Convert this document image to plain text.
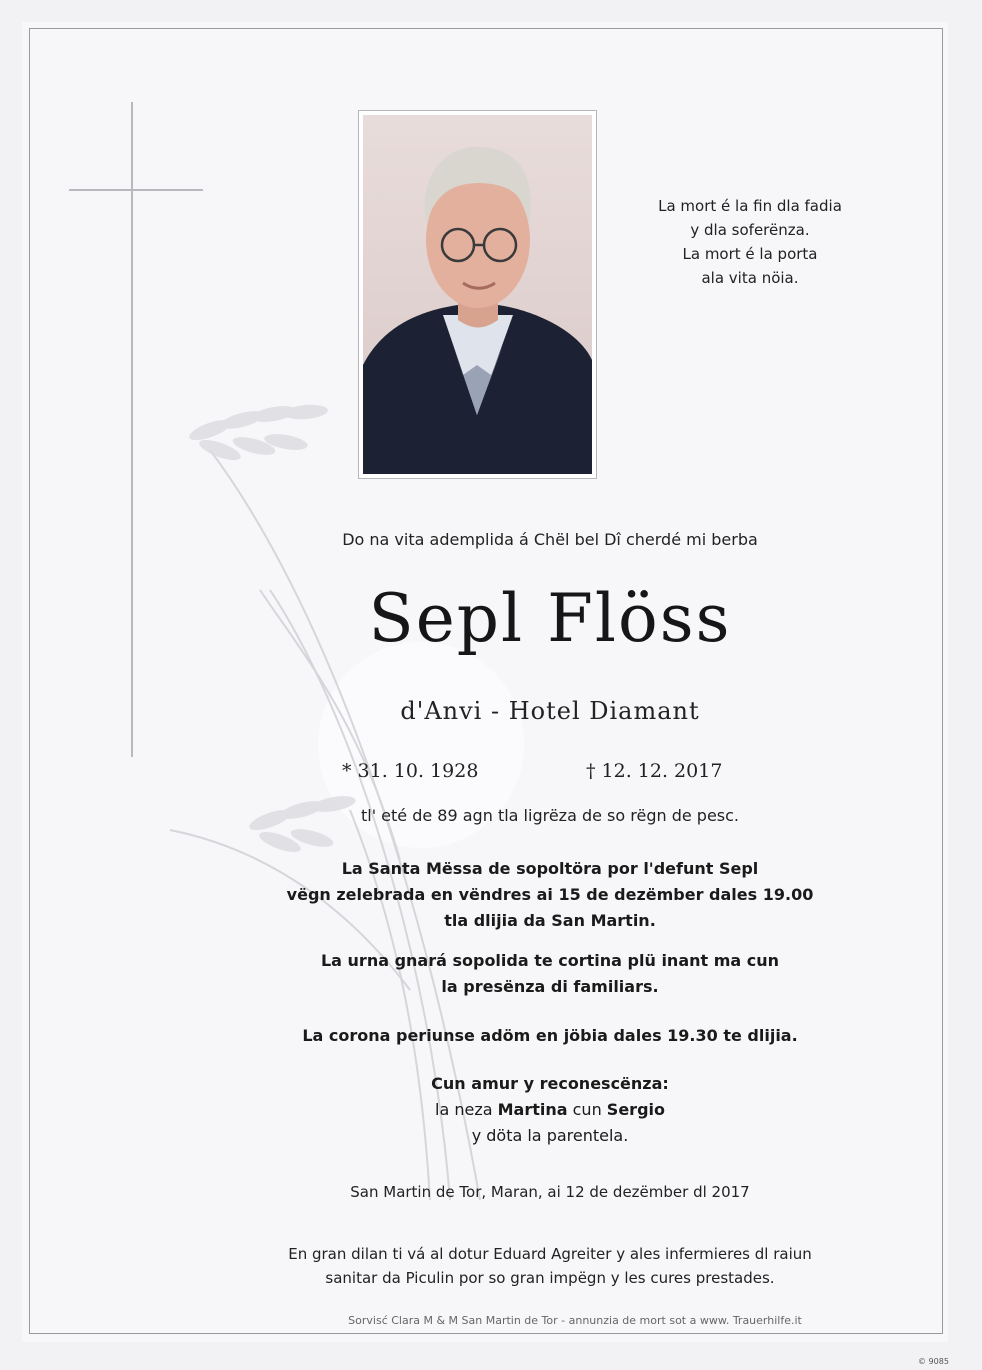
La mort é la fin dla fadia
y dla soferënza.
La mort é la porta
ala vita nöia.
Do na vita ademplida á Chël bel Dî cherdé mi berba
Sepl Flöss
d'Anvi - Hotel Diamant
* 31. 10. 1928	† 12. 12. 2017
tl' eté de 89 agn tla ligrëza de so rëgn de pesc.
La Santa Mëssa de sopoltöra por l'defunt Sepl
vëgn zelebrada en vëndres ai 15 de dezëmber dales 19.00
tla dlijia da San Martin.
La urna gnará sopolida te cortina plü inant ma cun
la presënza di familiars.
La corona periunse adöm en jöbia dales 19.30 te dlijia.
Cun amur y reconescënza:
la neza Martina cun Sergio
y döta la parentela.
San Martin de Tor, Maran, ai 12 de dezëmber dl 2017
En gran dilan ti vá al dotur Eduard Agreiter y ales infermieres dl raiun
sanitar da Piculin por so gran impëgn y les cures prestades.
Sorvisć Clara M & M San Martin de Tor - annunzia de mort sot a www. Trauerhilfe.it
© 9085
